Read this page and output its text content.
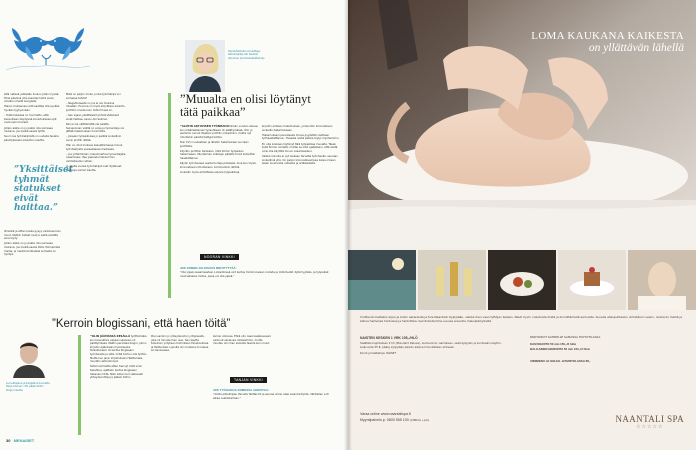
että netissä ystävään kuuluu jotain hyvää. Tänä päivänä yhä useampi tutkii ensin omalla nimellä Googlella.

Hänen mukaansa netti saattaa olla syvälle hyvään tyytyvinään.

– Tutkimuksissa on huomattu, että kaavoillaan käydyissä koulutuksissa opit ovat usein tuoreet.

Jollain alalla on jo pakko olla somessa mukana, jos meillä saada työtä.

Suuri osa työntekijöistä on uudella tavalla päivityksissä LinkedInin kautta.

”Yksittäiset tyhmät statukset eivät haittaa.”

Ilmeistä ja sitten koska pysyy verkossa kuin muut. Nettiin tulleet ovat jo siellä eivätkä aina löydy.

Jollain alalla on jo pakko olla somessa mukana, jos meillä saada töitä. Esimerkiksi media- ja markkinointialalla somesta on hyötyä.

Mikä on paljon moka, jonka työnhakija voi somessa tehdä?

– Negatiivisesta on jos ei ole mukana missään. Huonoa on myös kirjoittaa LinkedIn-profiiliin muuta kuin mitä CV:ssä on.

– Sen sijaan yksittäiset tyhmät statukset eivät haittaa, sanoo Aki Selman.

Peli ei ole välttämättä ole pelattu. Sukupolvien välillä on eroja ja työnantaja voi jättää hakemuksen huomiotta.

– Joissain työpaikoissa jo pelkkä LinkedInin avoin profiili riittää.

Hän on ollut mukana kasvattamassa monia työnhakijoita sosiaalisessa mediassa.

– Jos yrität tämän, haluat kertoa työnantajalle osaamisesi. Itse yleensä mieluummin valmistaudun siihen.

Jo useita vuosia työnhakijat ovat löytäneet paikkoja somen kautta.

Henkilöstöalan kouluttaja, tietokirjailija Aki Selman (Suomen työnhakuakatemia).
”Muualta en olisi löytänyt tätä paikkaa”

”ALOTIN AKTIIVISEN TYÖNHAUN tämän vuoden alussa, kun määräaikainen työsuhteeni oli päättymässä. Olin jo aiemmin luonut itselleni profiilin LinkedIniin, mutta nyt rimoitukin päivitä tiettyjä kohtia.

Tein CV:ni uudestaan ja lähetin hakemuksen suoraan profiilista.

Kirjoitin profiiliin tarkkaan, mitä toimin työpaikan hakemiseen. Muutamien viikkojen päästä minut kutsuttiin haastatteluun.

Käytin työnhaussa useita tunteja päivässä. Aina kun löysin kiinnostavan ilmoituksen, kommentoin lähtöä.

LinkedIn myös ehdottelee sopivia työpaikkoja.

kirjoitin erillisen hakemuksen, jonka liitin kiinnostavan LinkedIn-hakemukseen.

Hakemukseni perusteella minua pyydettiin kahteen työhaastatteluun. Toisesta niistä pakkia löytyi myöhemmin.

En olisi koskaan löytänyt tätä työpaikkaa muualta. Tässä kyllä firman nimeltä, muttei se ollut ajatelleeni, että sieltä voisi olla käyttöä minun osaamiselleni.

Vaikka minulla ei nyt olekaan tarvetta työnhaulle, seuraan LinkedIniä yhä. On paljon kiinnostavampaa lukea omaan alaan kuuluvista uutisista ja artikkeleista.

NOORAN VINKKI
JOS SOMEN JULKISUUS MIETITYTTÄÄ:

”Ole ylpeä osaamisestasi. LinkedInissä voit kertoa mimmonaisen roolista ja mitä tiedät. Kyllä tyylikäs- ja työpaikat ovat sellaisia, tietoa, jossa voi olla ylpeä.”

”Kerroin blogissani, että haen töitä”
Luovuttajana ja blogistina tunnettu Tanja Ahonen, 28, pääsi töihin blogin kautta.

”OLIN JÄÄMÄSSÄ KESÄLLÄ työttömäksi, kun kaveriltani vapaan sijaisuus oli päättymässä. Päätin perustaa blogin, johon kirjoitin ajatuksiani työnhausta. Tarkoitukseni oli kertoa blogissani työnhausta ja siitä, miltä tuntuu olla työtön. Mutta kun jaoin kirjoituksiani Twitterissä, muutkin aktivoituivat.

Siitä huolimatta etten tiennyt mitä voisi tapahtua, ajattelin kertoa blogissani hakevani töitä. Näin siihen tuli valtavasti yhteydenottoja ja pääsin töihin.

Pian sainkin jo yhteydenoton yrityksestä, joka oli minulle ihan uusi. Sen kautta tutustuin yrityksen toimintaan Facebookissa ja Twitterissä. Lopulta olin mukana monessa eri kanavassa.

kerran viikossa. Ehkä olin osaa kesäkuussani valinnut senaivaa rohkeammin, mutta muuten olin ihan samalla tasolla kuin muut.

TANJAN VINKKI
JOS TYÖHAKIJA SOMESSA AHDISTAA:

”Aloita pikkuhiljaa. Perusta Twitter-tili ja seuraa oman alasi asiantuntijoita. Vähitellen voit alkaa osallistumaan.”

30 MENAISET
LOMA KAUKANA KAIKESTA
on yllättävän lähellä

Irrottaudu hetkeksi arjen ja kodin askareista ja tule Naantalin Kylpylään, vaikka ihan vaan tyttöjen kesken. Nauti hyvin nukutusta diistä ja kiinnittämistä aamuista. Suvelia allaspuhtaisiin virkistäviin vesiin, rentoudu meillä ja kehoa hellivissä hoidoissa ja herkuttele ravintoloidemme suussa sulavilla makuelämyksillä.

NAISTEN KESKEN 1 VRK 105,-/HLÖ

Sisältää majoituksen 2 hh (Standard Deluxe), kuohuviinin, aamiaisen, sekä kylpylän ja kuntosalin käytön. Lisävuode 55 €, pääsy kylpylään päivän aikana hinnoitellaan erikseen.

Koodi ja lisätietoja: NAISET

PARHOIDOT KAHDELLE SAMASSA HOITOTILASSA
KASVOHOITO 50 min 150,-/2 hlöä
BALILAINEN HIERONTA 50 min 164,-/2 hlöä
VIINIMENU LE SOLEIL -RAVINTOLASSA 68,-
Varaa online www.naantalispa.fi
Myyntipalvelu p. 0600 555 100 (1,59€/min + pvm)	NAANTALI SPA
☆☆☆☆☆
